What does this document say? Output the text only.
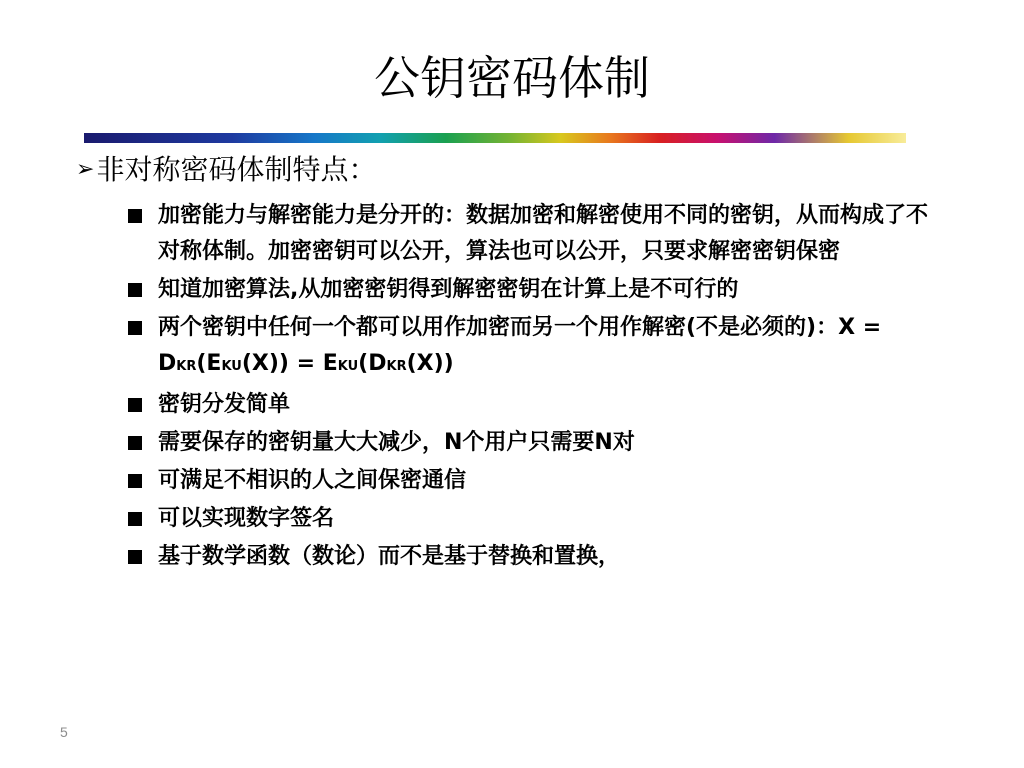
公钥密码体制
➢ 非对称密码体制特点：
加密能力与解密能力是分开的：数据加密和解密使用不同的密钥，从而构成了不对称体制。加密密钥可以公开，算法也可以公开，只要求解密密钥保密
知道加密算法,从加密密钥得到解密密钥在计算上是不可行的
两个密钥中任何一个都可以用作加密而另一个用作解密(不是必须的)：X = DKR(EKU(X)) = EKU(DKR(X))
密钥分发简单
需要保存的密钥量大大减少，N个用户只需要N对
可满足不相识的人之间保密通信
可以实现数字签名
基于数学函数（数论）而不是基于替换和置换，
5
